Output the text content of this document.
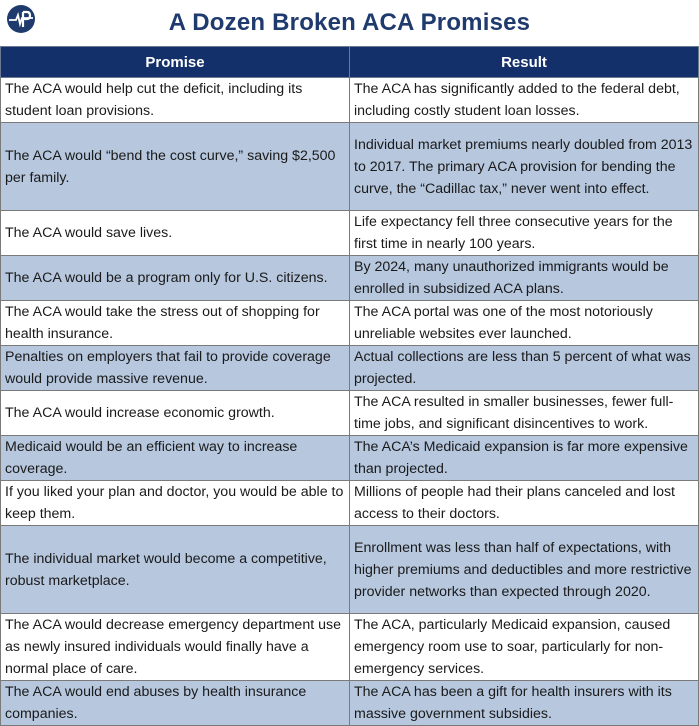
A Dozen Broken ACA Promises
Promise	Result
The ACA would help cut the deficit, including its student loan provisions.	The ACA has significantly added to the federal debt, including costly student loan losses.
The ACA would “bend the cost curve,” saving $2,500 per family.	Individual market premiums nearly doubled from 2013 to 2017. The primary ACA provision for bending the curve, the “Cadillac tax,” never went into effect.
The ACA would save lives.	Life expectancy fell three consecutive years for the first time in nearly 100 years.
The ACA would be a program only for U.S. citizens.	By 2024, many unauthorized immigrants would be enrolled in subsidized ACA plans.
The ACA would take the stress out of shopping for health insurance.	The ACA portal was one of the most notoriously unreliable websites ever launched.
Penalties on employers that fail to provide coverage would provide massive revenue.	Actual collections are less than 5 percent of what was projected.
The ACA would increase economic growth.	The ACA resulted in smaller businesses, fewer full-time jobs, and significant disincentives to work.
Medicaid would be an efficient way to increase coverage.	The ACA’s Medicaid expansion is far more expensive than projected.
If you liked your plan and doctor, you would be able to keep them.	Millions of people had their plans canceled and lost access to their doctors.
The individual market would become a competitive, robust marketplace.	Enrollment was less than half of expectations, with higher premiums and deductibles and more restrictive provider networks than expected through 2020.
The ACA would decrease emergency department use as newly insured individuals would finally have a normal place of care.	The ACA, particularly Medicaid expansion, caused emergency room use to soar, particularly for non-emergency services.
The ACA would end abuses by health insurance companies.	The ACA has been a gift for health insurers with its massive government subsidies.
